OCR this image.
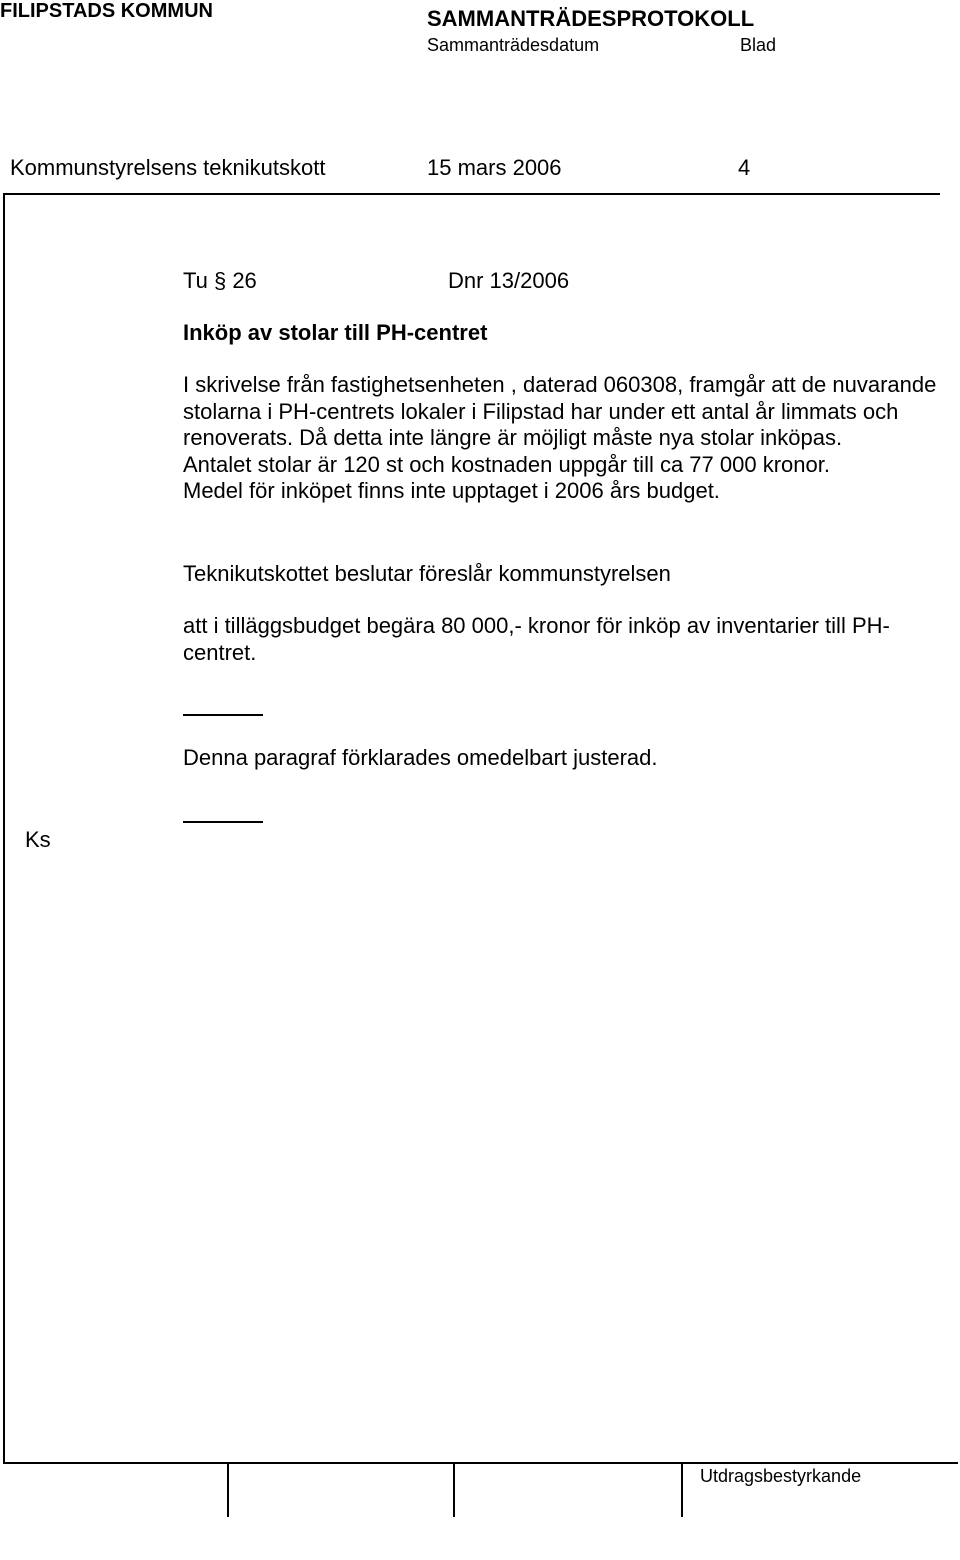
FILIPSTADS KOMMUN	SAMMANTRÄDESPROTOKOLL
Sammanträdesdatum	Blad
Kommunstyrelsens teknikutskott	15 mars 2006	4
Tu § 26	Dnr 13/2006
Inköp av stolar till PH-centret
I skrivelse från fastighetsenheten , daterad 060308, framgår att de nuvarande stolarna i PH-centrets lokaler i Filipstad har under ett antal år limmats och renoverats. Då detta inte längre är möjligt måste nya stolar inköpas.
Antalet stolar är 120 st och kostnaden uppgår till ca 77 000 kronor.
Medel för inköpet finns inte upptaget i 2006 års budget.
Teknikutskottet beslutar föreslår kommunstyrelsen
att i tilläggsbudget begära 80 000,- kronor för inköp av inventarier till PH-centret.
Denna paragraf förklarades omedelbart justerad.
Ks
Utdragsbestyrkande
